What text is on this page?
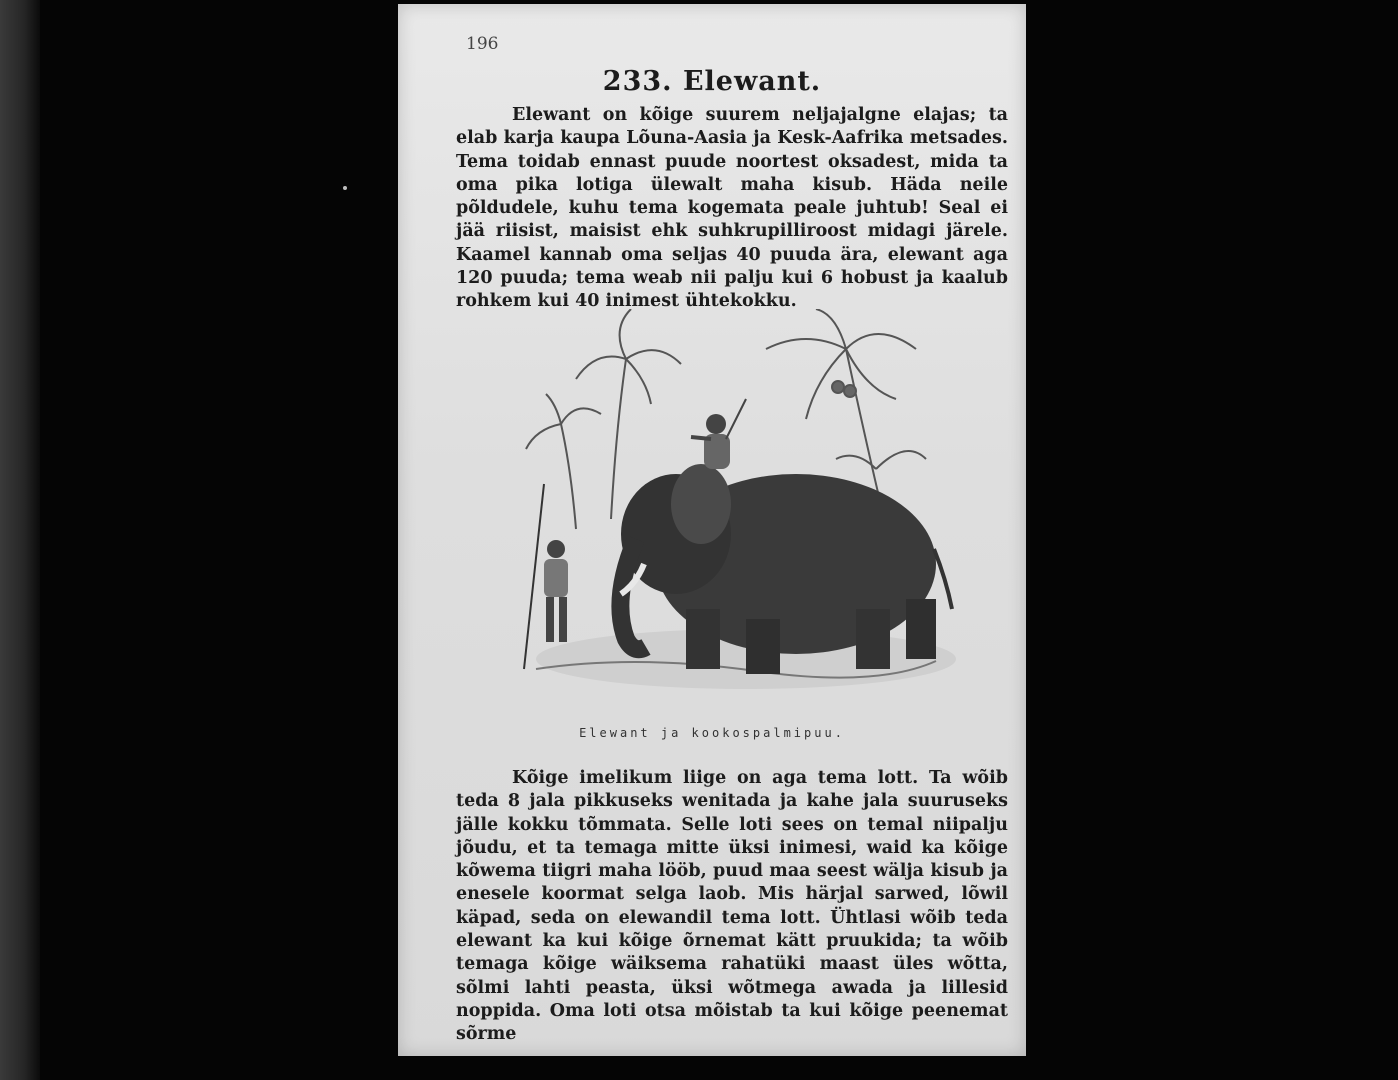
196
233. Elewant.

Elewant on kõige suurem neljajalgne elajas; ta elab karja kaupa Lõuna-Aasia ja Kesk-Aafrika metsades. Tema toidab ennast puude noortest oksadest, mida ta oma pika lotiga ülewalt maha kisub. Häda neile põldudele, kuhu tema kogemata peale juhtub! Seal ei jää riisist, maisist ehk suhkrupilliroost midagi järele. Kaamel kannab oma seljas 40 puuda ära, elewant aga 120 puuda; tema weab nii palju kui 6 hobust ja kaalub rohkem kui 40 inimest ühtekokku.

Elewant ja kookospalmipuu.

Kõige imelikum liige on aga tema lott. Ta wõib teda 8 jala pikkuseks wenitada ja kahe jala suuruseks jälle kokku tõmmata. Selle loti sees on temal niipalju jõudu, et ta temaga mitte üksi inimesi, waid ka kõige kõwema tiigri maha lööb, puud maa seest wälja kisub ja enesele koormat selga laob. Mis härjal sarwed, lõwil käpad, seda on elewandil tema lott. Ühtlasi wõib teda elewant ka kui kõige õrnemat kätt pruukida; ta wõib temaga kõige wäiksema rahatüki maast üles wõtta, sõlmi lahti peasta, üksi wõtmega awada ja lillesid noppida. Oma loti otsa mõistab ta kui kõige peenemat sõrme
